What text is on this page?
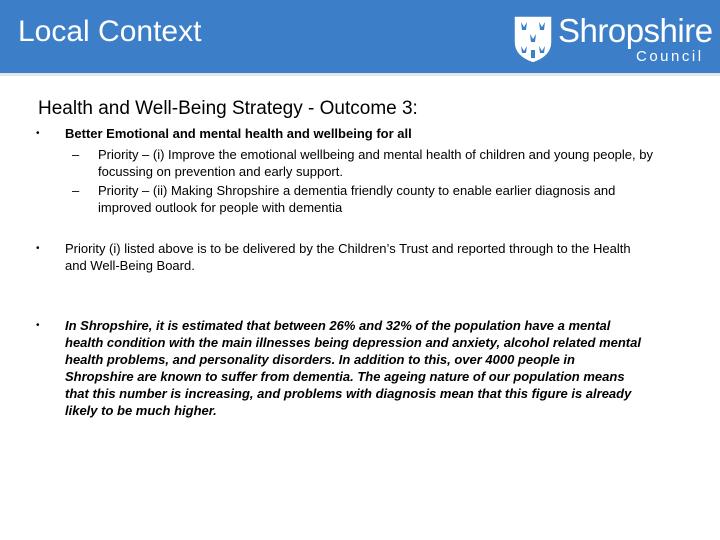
Local Context	Shropshire
Council
Health and Well-Being Strategy - Outcome 3:
• Better Emotional and mental health and wellbeing for all
– Priority – (i) Improve the emotional wellbeing and mental health of children and young people, by focussing on prevention and early support.
– Priority – (ii) Making Shropshire a dementia friendly county to enable earlier diagnosis and improved outlook for people with dementia
• Priority (i) listed above is to be delivered by the Children’s Trust and reported through to the Health and Well-Being Board.
• In Shropshire, it is estimated that between 26% and 32% of the population have a mental health condition with the main illnesses being depression and anxiety, alcohol related mental health problems, and personality disorders. In addition to this, over 4000 people in Shropshire are known to suffer from dementia. The ageing nature of our population means that this number is increasing, and problems with diagnosis mean that this figure is already likely to be much higher.
